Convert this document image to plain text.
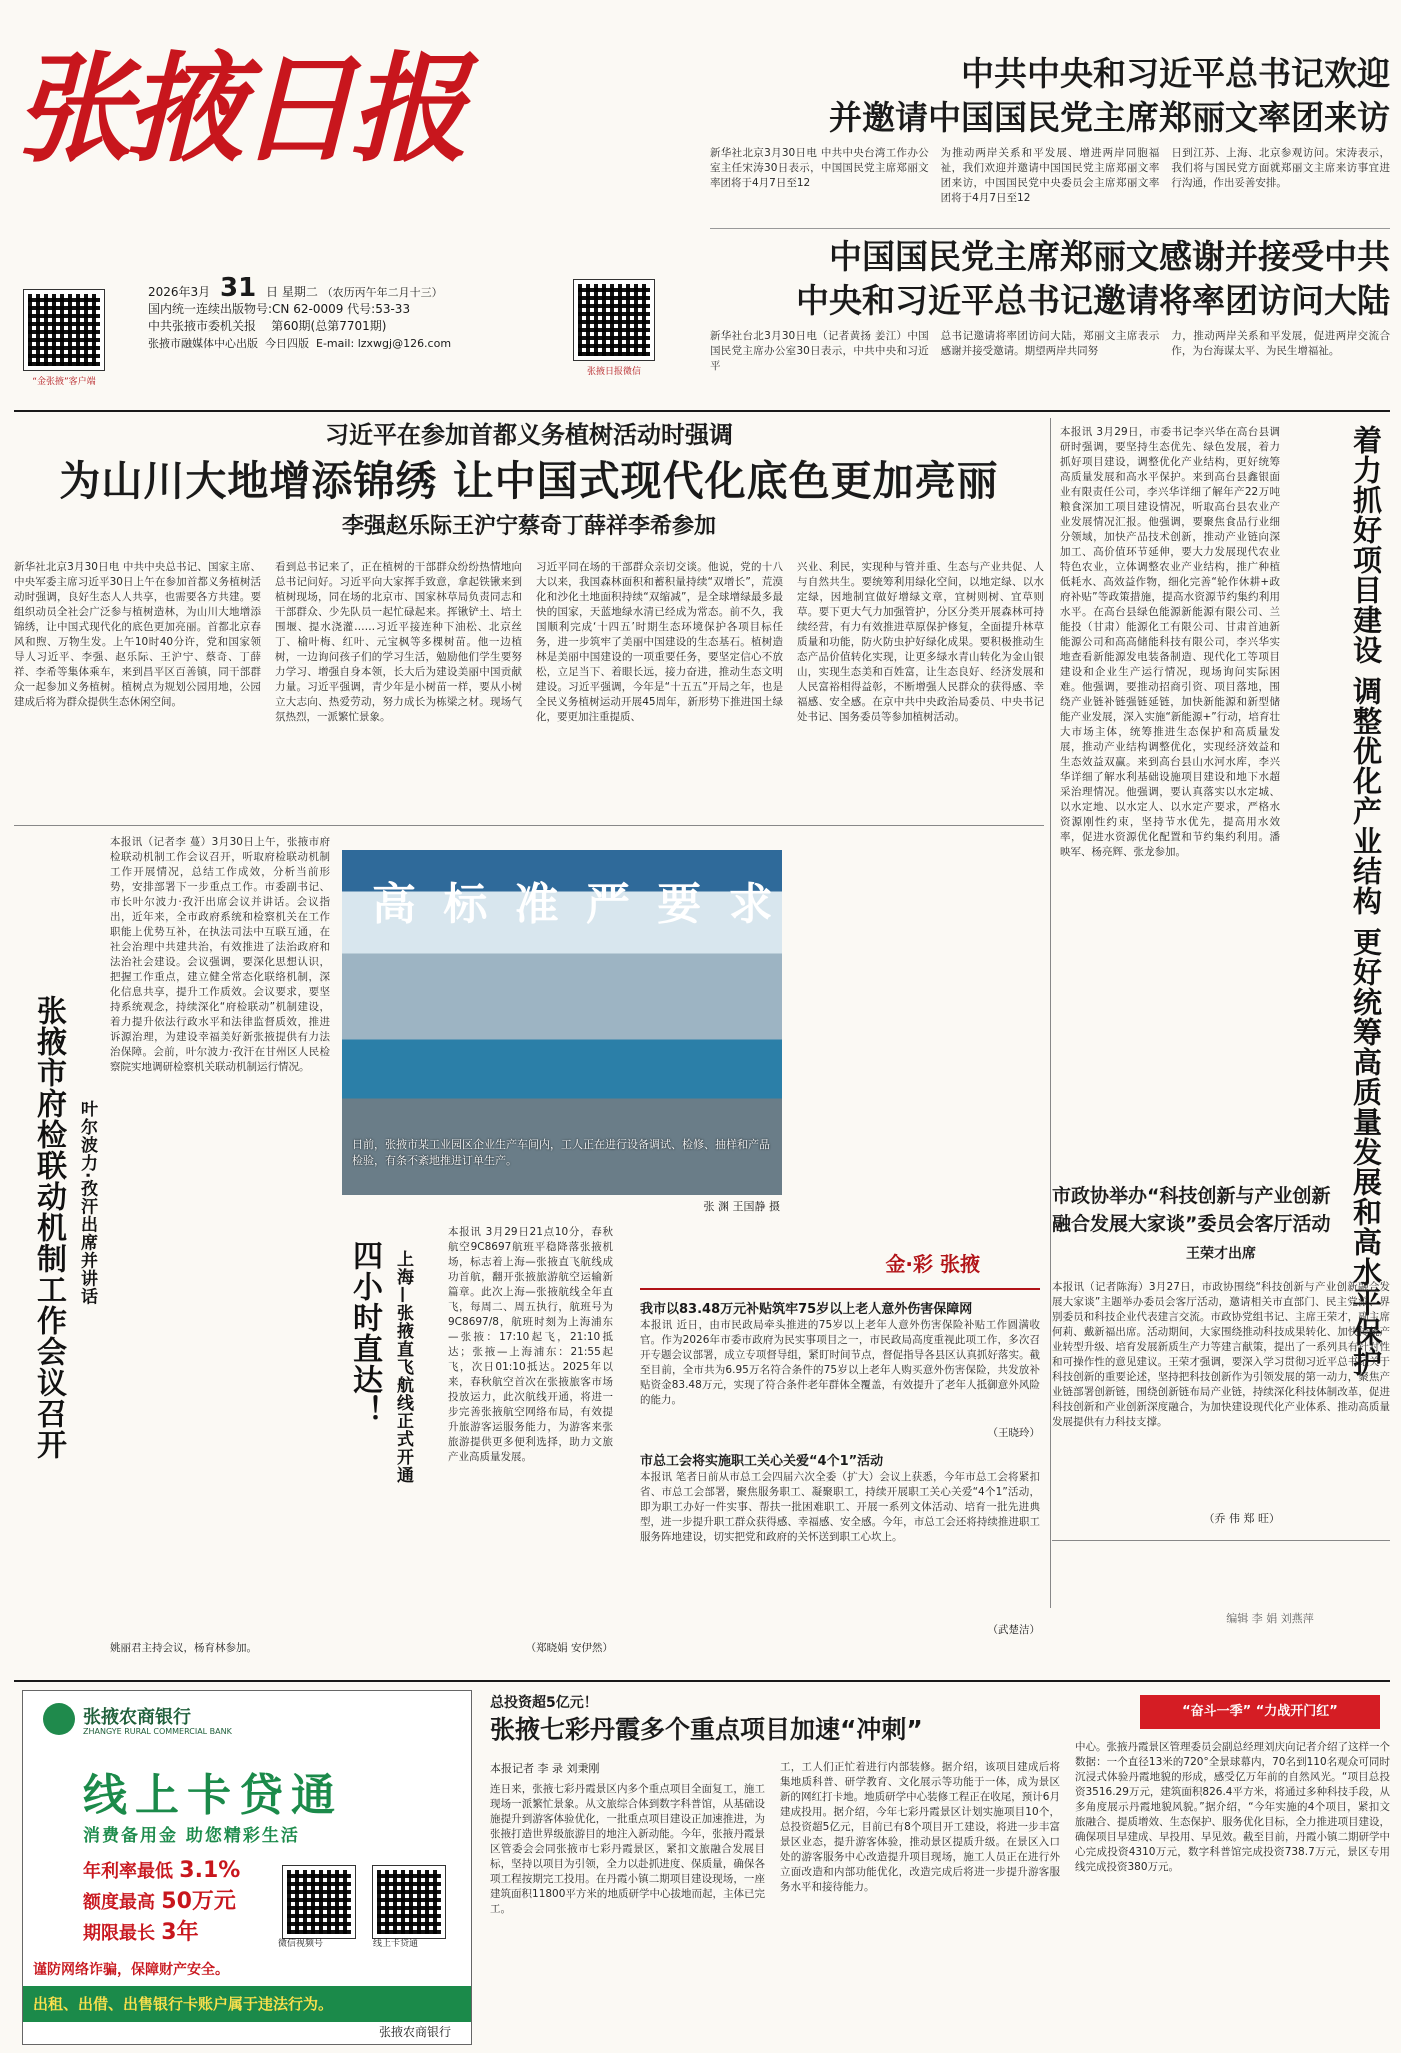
张掖日报
“金张掖”客户端
2026年3月 31 日 星期二 （农历丙午年二月十三）
国内统一连续出版物号:CN 62-0009 代号:53-33
中共张掖市委机关报 第60期(总第7701期)
张掖市融媒体中心出版 今日四版 E-mail: lzxwgj@126.com
张掖日报微信
中共中央和习近平总书记欢迎
并邀请中国国民党主席郑丽文率团来访
新华社北京3月30日电 中共中央台湾工作办公室主任宋涛30日表示，中国国民党主席郑丽文率团将于4月7日至12
为推动两岸关系和平发展、增进两岸同胞福祉，我们欢迎并邀请中国国民党主席郑丽文率团来访，中国国民党中央委员会主席郑丽文率团将于4月7日至12
日到江苏、上海、北京参观访问。宋涛表示，我们将与国民党方面就郑丽文主席来访事宜进行沟通，作出妥善安排。
中国国民党主席郑丽文感谢并接受中共
中央和习近平总书记邀请将率团访问大陆
新华社台北3月30日电（记者黄扬 姜江）中国国民党主席办公室30日表示，中共中央和习近平
总书记邀请将率团访问大陆，郑丽文主席表示感谢并接受邀请。期望两岸共同努
力，推动两岸关系和平发展，促进两岸交流合作，为台海谋太平、为民生增福祉。
习近平在参加首都义务植树活动时强调
为山川大地增添锦绣 让中国式现代化底色更加亮丽
李强赵乐际王沪宁蔡奇丁薛祥李希参加
新华社北京3月30日电 中共中央总书记、国家主席、中央军委主席习近平30日上午在参加首都义务植树活动时强调，良好生态人人共享，也需要各方共建。要组织动员全社会广泛参与植树造林，为山川大地增添锦绣，让中国式现代化的底色更加亮丽。首都北京春风和煦、万物生发。上午10时40分许，党和国家领导人习近平、李强、赵乐际、王沪宁、蔡奇、丁薛祥、李希等集体乘车，来到昌平区百善镇，同干部群众一起参加义务植树。植树点为规划公园用地，公园建成后将为群众提供生态休闲空间。
看到总书记来了，正在植树的干部群众纷纷热情地向总书记问好。习近平向大家挥手致意，拿起铁锹来到植树现场，同在场的北京市、国家林草局负责同志和干部群众、少先队员一起忙碌起来。挥锹铲土、培土围堰、提水浇灌……习近平接连种下油松、北京丝丁、榆叶梅、红叶、元宝枫等多棵树苗。他一边植树，一边询问孩子们的学习生活，勉励他们学生要努力学习、增强自身本领，长大后为建设美丽中国贡献力量。习近平强调，青少年是小树苗一样，要从小树立大志向、热爱劳动，努力成长为栋梁之材。现场气氛热烈，一派繁忙景象。
习近平同在场的干部群众亲切交谈。他说，党的十八大以来，我国森林面积和蓄积量持续“双增长”，荒漠化和沙化土地面积持续“双缩减”，是全球增绿最多最快的国家，天蓝地绿水清已经成为常态。前不久，我国顺利完成‘十四五’时期生态环境保护各项目标任务，进一步筑牢了美丽中国建设的生态基石。植树造林是美丽中国建设的一项重要任务，要坚定信心不放松，立足当下、着眼长远，接力奋进，推动生态文明建设。习近平强调，今年是“十五五”开局之年，也是全民义务植树运动开展45周年，新形势下推进国土绿化，要更加注重提质、
兴业、利民，实现种与管并重、生态与产业共促、人与自然共生。要统筹利用绿化空间，以地定绿、以水定绿，因地制宜做好增绿文章，宜树则树、宜草则草。要下更大气力加强管护，分区分类开展森林可持续经营，有力有效推进草原保护修复，全面提升林草质量和功能，防火防虫护好绿化成果。要积极推动生态产品价值转化实现，让更多绿水青山转化为金山银山，实现生态美和百姓富，让生态良好、经济发展和人民富裕相得益彰，不断增强人民群众的获得感、幸福感、安全感。在京中共中央政治局委员、中央书记处书记、国务委员等参加植树活动。
本报讯 3月29日，市委书记李兴华在高台县调研时强调，要坚持生态优先、绿色发展，着力抓好项目建设，调整优化产业结构，更好统筹高质量发展和高水平保护。来到高台县鑫银面业有限责任公司，李兴华详细了解年产22万吨粮食深加工项目建设情况，听取高台县农业产业发展情况汇报。他强调，要聚焦食品行业细分领域，加快产品技术创新，推动产业链向深加工、高价值环节延伸，要大力发展现代农业特色农业，立体调整农业产业结构，推广种植低耗水、高效益作物，细化完善“轮作休耕+政府补贴”等政策措施，提高水资源节约集约利用水平。在高台县绿色能源新能源有限公司、兰能投（甘肃）能源化工有限公司、甘肃首迪新能源公司和高高储能科技有限公司，李兴华实地查看新能源发电装备制造、现代化工等项目建设和企业生产运行情况，现场询问实际困难。他强调，要推动招商引资、项目落地，围绕产业链补链强链延链，加快新能源和新型储能产业发展，深入实施“新能源+”行动，培育壮大市场主体，统筹推进生态保护和高质量发展，推动产业结构调整优化，实现经济效益和生态效益双赢。来到高台县山水河水库，李兴华详细了解水利基础设施项目建设和地下水超采治理情况。他强调，要认真落实以水定城、以水定地、以水定人、以水定产要求，严格水资源刚性约束，坚持节水优先，提高用水效率，促进水资源优化配置和节约集约利用。潘映军、杨亮辉、张龙参加。
（乔 伟 郑 旺）
着力抓好项目建设 调整优化产业结构 更好统筹高质量发展和高水平保护
张掖市府检联动机制工作会议召开 叶尔波力·孜汗出席并讲话
本报讯（记者李 蔓）3月30日上午，张掖市府检联动机制工作会议召开，听取府检联动机制工作开展情况，总结工作成效，分析当前形势，安排部署下一步重点工作。市委副书记、市长叶尔波力·孜汗出席会议并讲话。会议指出，近年来，全市政府系统和检察机关在工作职能上优势互补，在执法司法中互联互通，在社会治理中共建共治，有效推进了法治政府和法治社会建设。会议强调，要深化思想认识，把握工作重点，建立健全常态化联络机制，深化信息共享，提升工作质效。会议要求，要坚持系统观念，持续深化“府检联动”机制建设，着力提升依法行政水平和法律监督质效，推进诉源治理，为建设幸福美好新张掖提供有力法治保障。会前，叶尔波力·孜汗在甘州区人民检察院实地调研检察机关联动机制运行情况。
姚丽君主持会议，杨育林参加。
高 标 准 严 要 求
日前，张掖市某工业园区企业生产车间内，工人正在进行设备调试、检修、抽样和产品检验，有条不紊地推进订单生产。
张 渊 王国静 摄
本报讯 3月29日21点10分，春秋航空9C8697航班平稳降落张掖机场，标志着上海—张掖直飞航线成功首航，翻开张掖旅游航空运输新篇章。此次上海—张掖航线全年直飞，每周二、周五执行，航班号为9C8697/8，航班时刻为上海浦东—张掖：17:10起飞，21:10抵达；张掖—上海浦东：21:55起飞，次日01:10抵达。2025年以来，春秋航空首次在张掖旅客市场投放运力，此次航线开通，将进一步完善张掖航空网络布局，有效提升旅游客运服务能力，为游客来张旅游提供更多便利选择，助力文旅产业高质量发展。
（郑晓娟 安伊然）
四小时直达！ 上海—张掖直飞航线正式开通	金·彩 张掖
我市以83.48万元补贴筑牢75岁以上老人意外伤害保障网
本报讯 近日，由市民政局牵头推进的75岁以上老年人意外伤害保险补贴工作圆满收官。作为2026年市委市政府为民实事项目之一，市民政局高度重视此项工作，多次召开专题会议部署，成立专项督导组，紧盯时间节点，督促指导各县区认真抓好落实。截至目前，全市共为6.95万名符合条件的75岁以上老年人购买意外伤害保险，共发放补贴资金83.48万元，实现了符合条件老年群体全覆盖，有效提升了老年人抵御意外风险的能力。
（王晓玲）
市总工会将实施职工关心关爱“4个1”活动
本报讯 笔者日前从市总工会四届六次全委（扩大）会议上获悉，今年市总工会将紧扣省、市总工会部署，聚焦服务职工、凝聚职工，持续开展职工关心关爱“4个1”活动，即为职工办好一件实事、帮扶一批困难职工、开展一系列文体活动、培育一批先进典型，进一步提升职工群众获得感、幸福感、安全感。今年，市总工会还将持续推进职工服务阵地建设，切实把党和政府的关怀送到职工心坎上。
（武楚洁）
市政协举办“科技创新与产业创新
融合发展大家谈”委员会客厅活动
王荣才出席
本报讯（记者陈海）3月27日，市政协围绕“科技创新与产业创新融合发展大家谈”主题举办委员会客厅活动，邀请相关市直部门、民主党派、界别委员和科技企业代表建言交流。市政协党组书记、主席王荣才，副主席何莉、戴新福出席。活动期间，大家围绕推动科技成果转化、加快传统产业转型升级、培育发展新质生产力等建言献策，提出了一系列具有针对性和可操作性的意见建议。王荣才强调，要深入学习贯彻习近平总书记关于科技创新的重要论述，坚持把科技创新作为引领发展的第一动力，聚焦产业链部署创新链，围绕创新链布局产业链，持续深化科技体制改革，促进科技创新和产业创新深度融合，为加快建设现代化产业体系、推动高质量发展提供有力科技支撑。
编辑 李 娟 刘燕萍
张掖农商银行
ZHANGYE RURAL COMMERCIAL BANK
线上卡贷通
消费备用金 助您精彩生活
年利率最低 3.1%
额度最高 50万元
期限最长 3年	微信视频号	线上卡贷通
谨防网络诈骗，保障财产安全。
出租、出借、出售银行卡账户属于违法行为。
张掖农商银行
总投资超5亿元！
张掖七彩丹霞多个重点项目加速“冲刺”
“奋斗一季” “力战开门红”
本报记者 李 录 刘秉刚
连日来，张掖七彩丹霞景区内多个重点项目全面复工，施工现场一派繁忙景象。从文旅综合体到数字科普馆，从基础设施提升到游客体验优化，一批重点项目建设正加速推进，为张掖打造世界级旅游目的地注入新动能。今年，张掖丹霞景区管委会会同张掖市七彩丹霞景区，紧扣文旅融合发展目标，坚持以项目为引领，全力以赴抓进度、保质量，确保各项工程按期完工投用。在丹霞小镇二期项目建设现场，一座建筑面积11800平方米的地质研学中心拔地而起，主体已完工。
工，工人们正忙着进行内部装修。据介绍，该项目建成后将集地质科普、研学教育、文化展示等功能于一体，成为景区新的网红打卡地。地质研学中心装修工程正在收尾，预计6月建成投用。据介绍，今年七彩丹霞景区计划实施项目10个，总投资超5亿元，目前已有8个项目开工建设，将进一步丰富景区业态，提升游客体验，推动景区提质升级。在景区入口处的游客服务中心改造提升项目现场，施工人员正在进行外立面改造和内部功能优化，改造完成后将进一步提升游客服务水平和接待能力。
中心。张掖丹霞景区管理委员会副总经理刘庆向记者介绍了这样一个数据：一个直径13米的720°全景球幕内，70名到110名观众可同时沉浸式体验丹霞地貌的形成，感受亿万年前的自然风光。“项目总投资3516.29万元，建筑面积826.4平方米，将通过多种科技手段，从多角度展示丹霞地貌风貌。”据介绍，“今年实施的4个项目，紧扣文旅融合、提质增效、生态保护、服务优化目标，全力推进项目建设，确保项目早建成、早投用、早见效。截至目前，丹霞小镇二期研学中心完成投资4310万元，数字科普馆完成投资738.7万元，景区专用线完成投资380万元。
